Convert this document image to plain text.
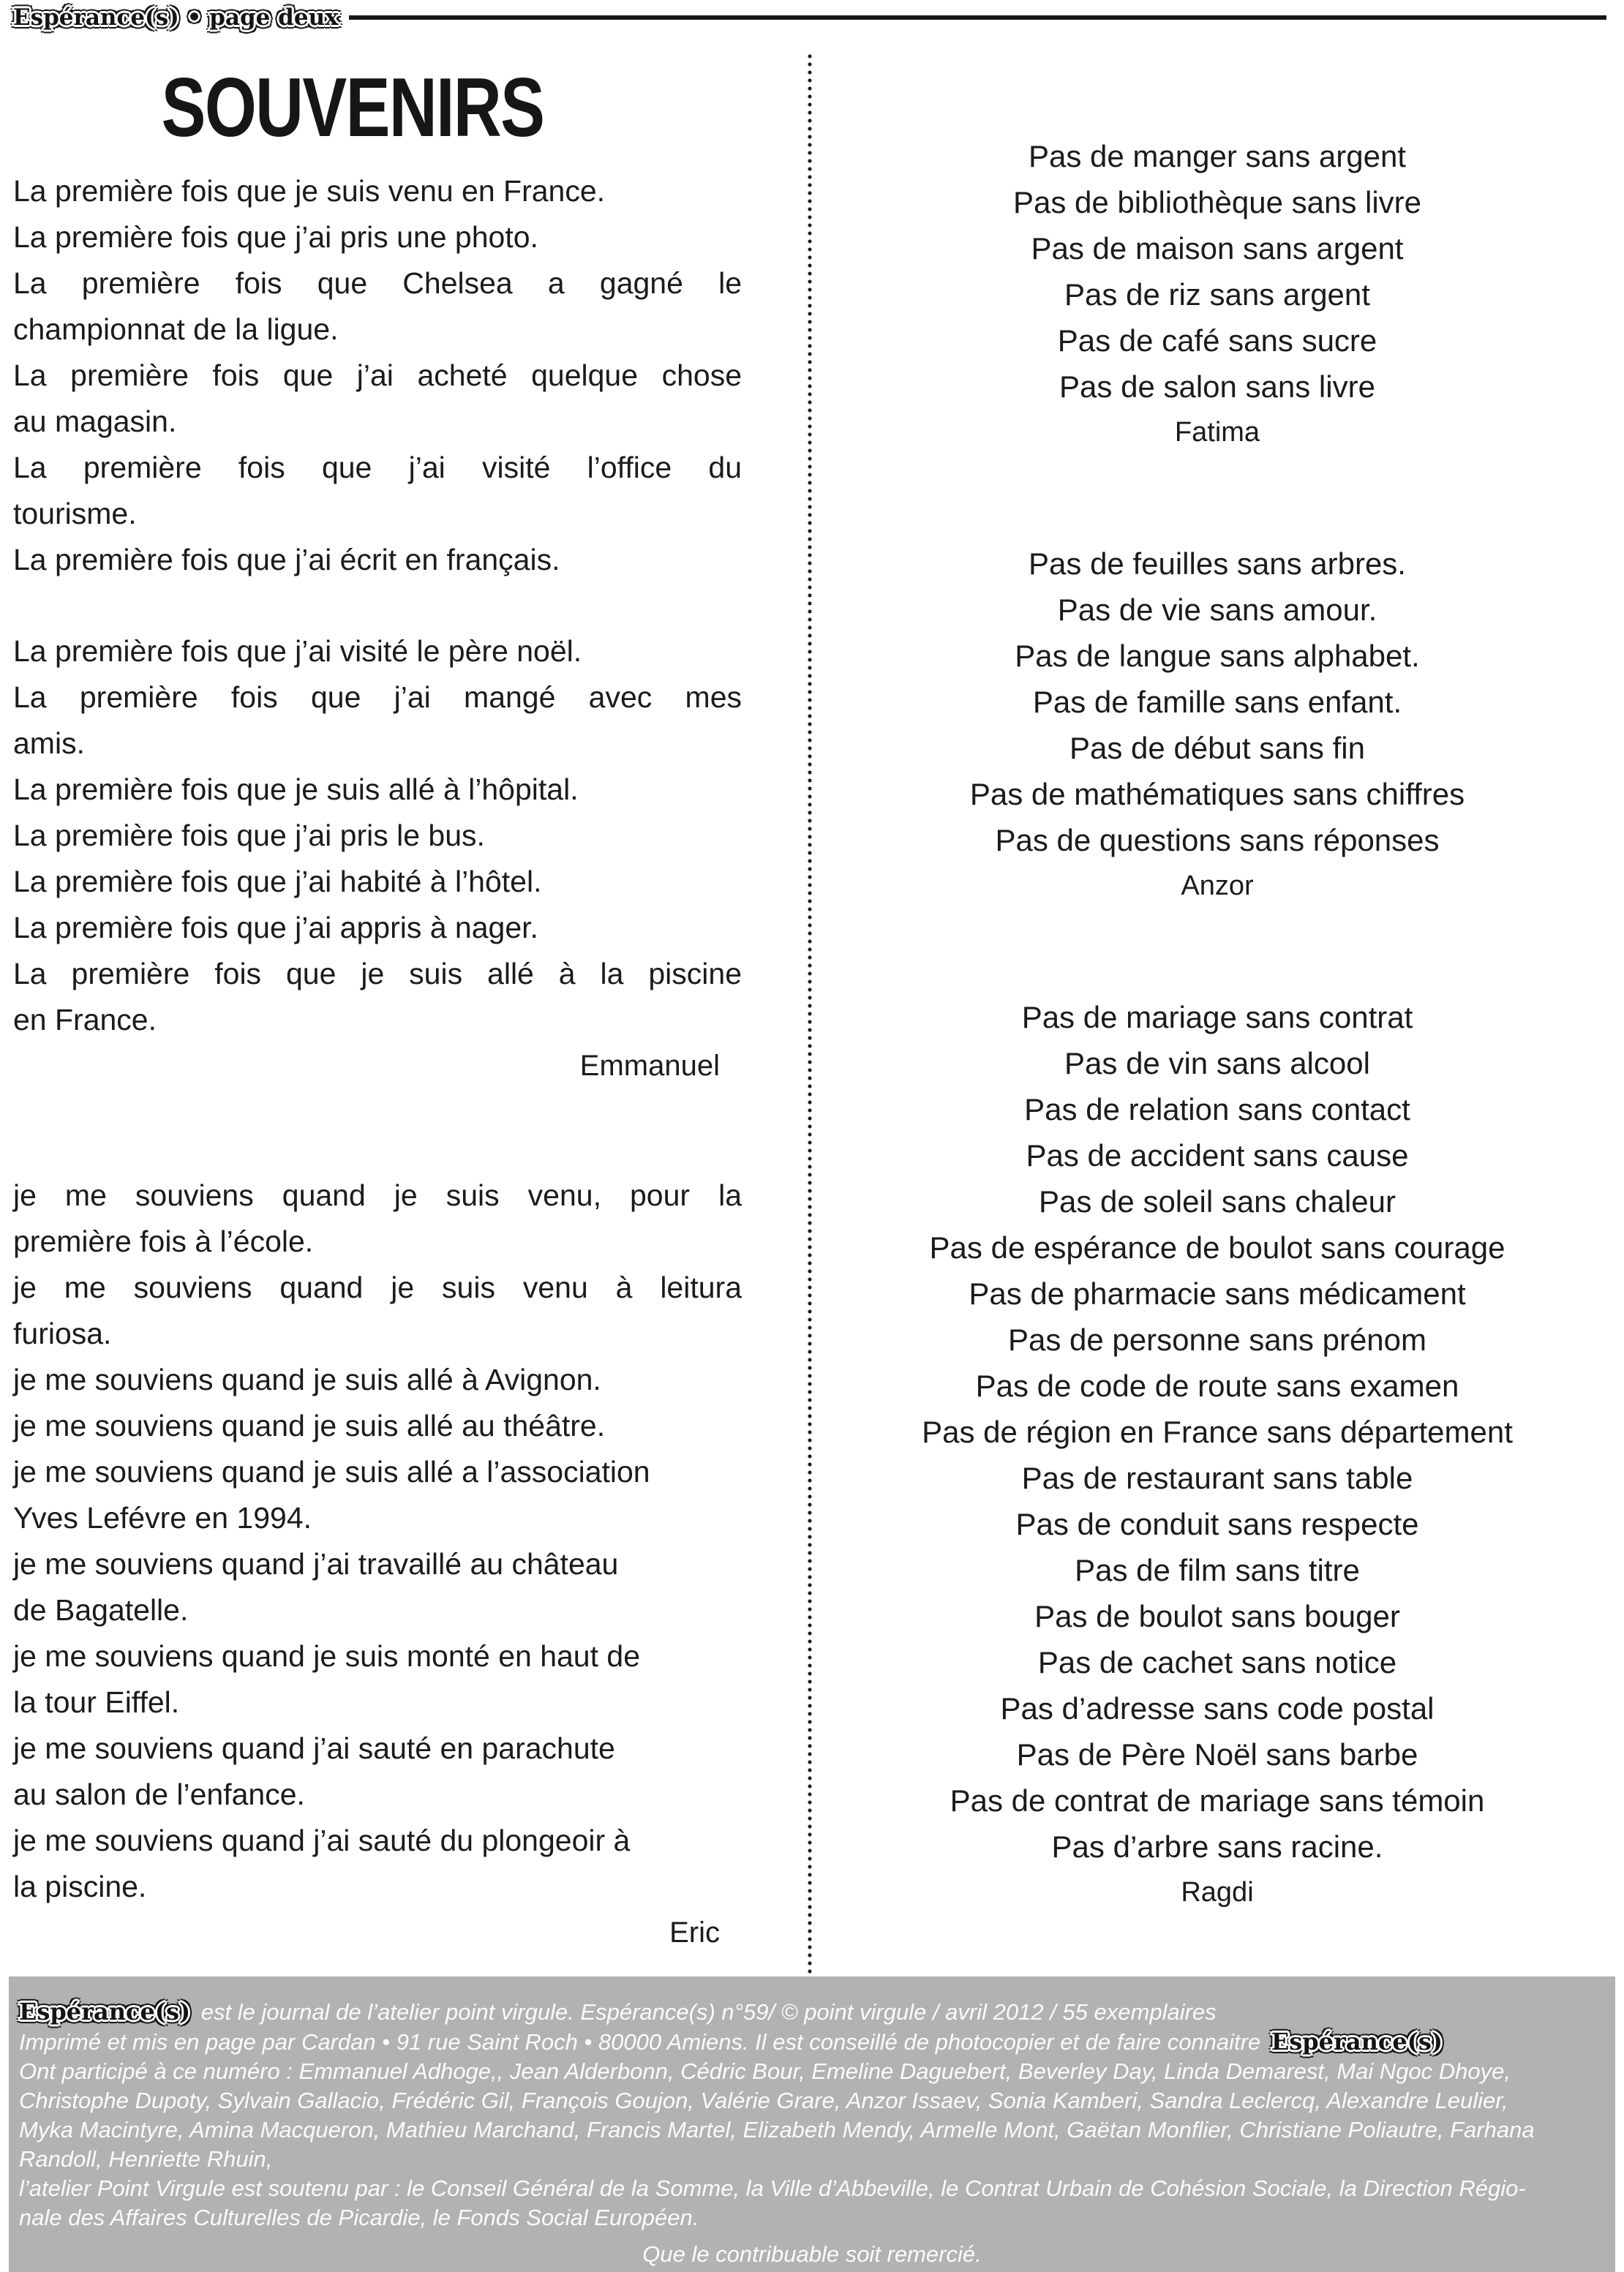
Espérance(s) • page deux
SOUVENIRS
La première fois que je suis venu en France.
La première fois que j’ai pris une photo.
La première fois que Chelsea a gagné le
championnat de la ligue.
La première fois que j’ai acheté quelque chose
au magasin.
La première fois que j’ai visité l’office du
tourisme.
La première fois que j’ai écrit en français.
La première fois que j’ai visité le père noël.
La première fois que j’ai mangé avec mes
amis.
La première fois que je suis allé à l’hôpital.
La première fois que j’ai pris le bus.
La première fois que j’ai habité à l’hôtel.
La première fois que j’ai appris à nager.
La première fois que je suis allé à la piscine
en France.
Emmanuel
je me souviens quand je suis venu, pour la
première fois à l’école.
je me souviens quand je suis venu à leitura
furiosa.
je me souviens quand je suis allé à Avignon.
je me souviens quand je suis allé au théâtre.
je me souviens quand je suis allé a l’association
Yves Lefévre en 1994.
je me souviens quand j’ai travaillé au château
de Bagatelle.
je me souviens quand je suis monté en haut de
la tour Eiffel.
je me souviens quand j’ai sauté en parachute
au salon de l’enfance.
je me souviens quand j’ai sauté du plongeoir à
la piscine.
Eric
Pas de manger sans argent
Pas de bibliothèque sans livre
Pas de maison sans argent
Pas de riz sans argent
Pas de café sans sucre
Pas de salon sans livre
Fatima
Pas de feuilles sans arbres.
Pas de vie sans amour.
Pas de langue sans alphabet.
Pas de famille sans enfant.
Pas de début sans fin
Pas de mathématiques sans chiffres
Pas de questions sans réponses
Anzor
Pas de mariage sans contrat
Pas de vin sans alcool
Pas de relation sans contact
Pas de accident sans cause
Pas de soleil sans chaleur
Pas de espérance de boulot sans courage
Pas de pharmacie sans médicament
Pas de personne sans prénom
Pas de code de route sans examen
Pas de région en France sans département
Pas de restaurant sans table
Pas de conduit sans respecte
Pas de film sans titre
Pas de boulot sans bouger
Pas de cachet sans notice
Pas d’adresse sans code postal
Pas de Père Noël sans barbe
Pas de contrat de mariage sans témoin
Pas d’arbre sans racine.
Ragdi

Espérance(s) est le journal de l’atelier point virgule. Espérance(s) n°59/ © point virgule / avril 2012 / 55 exemplaires

Imprimé et mis en page par Cardan • 91 rue Saint Roch • 80000 Amiens. Il est conseillé de photocopier et de faire connaitre Espérance(s)

Ont participé à ce numéro : Emmanuel Adhoge,, Jean Alderbonn, Cédric Bour, Emeline Daguebert, Beverley Day, Linda Demarest, Mai Ngoc Dhoye,

Christophe Dupoty, Sylvain Gallacio, Frédéric Gil, François Goujon, Valérie Grare, Anzor Issaev, Sonia Kamberi, Sandra Leclercq, Alexandre Leulier,

Myka Macintyre, Amina Macqueron, Mathieu Marchand, Francis Martel, Elizabeth Mendy, Armelle Mont, Gaëtan Monflier, Christiane Poliautre, Farhana

Randoll, Henriette Rhuin,

l’atelier Point Virgule est soutenu par : le Conseil Général de la Somme, la Ville d’Abbeville, le Contrat Urbain de Cohésion Sociale, la Direction Régio-

nale des Affaires Culturelles de Picardie, le Fonds Social Européen.

Que le contribuable soit remercié.
